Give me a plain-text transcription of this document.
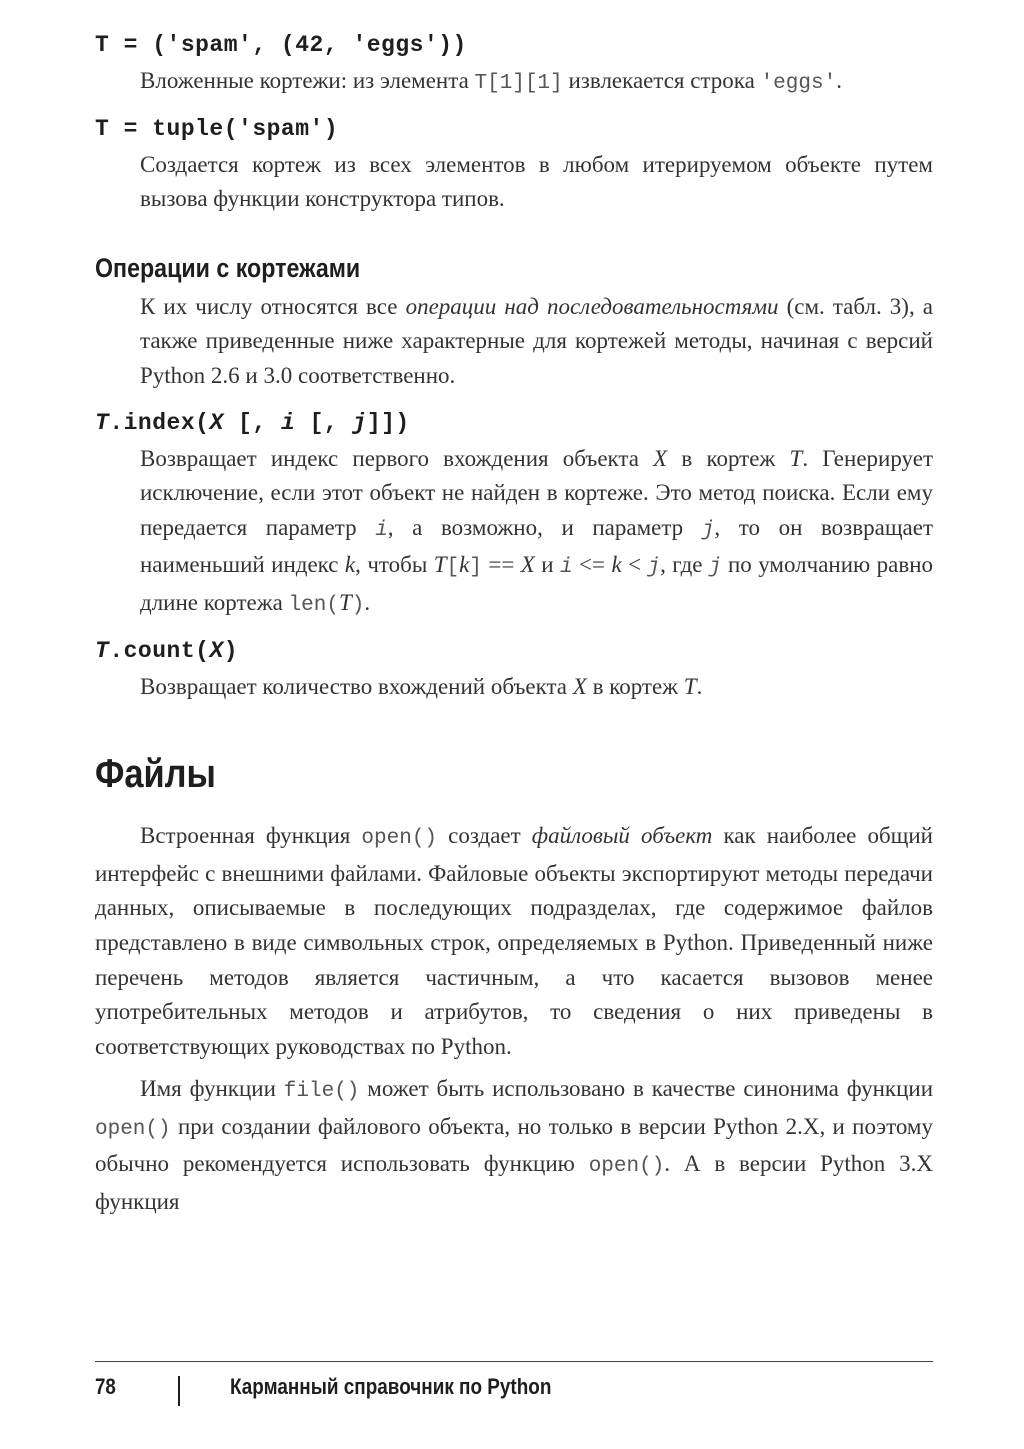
T = ('spam', (42, 'eggs'))

Вложенные кортежи: из элемента T[1][1] извлекается строка 'eggs'.

T = tuple('spam')

Создается кортеж из всех элементов в любом итерируемом объекте путем вызова функции конструктора типов.

Операции с кортежами

К их числу относятся все операции над последовательностями (см. табл. 3), а также приведенные ниже характерные для кортежей методы, начиная с версий Python 2.6 и 3.0 соответственно.

T.index(X [, i [, j]])

Возвращает индекс первого вхождения объекта X в кортеж T. Генерирует исключение, если этот объект не найден в кортеже. Это метод поиска. Если ему передается параметр i, а возможно, и параметр j, то он возвращает наименьший индекс k, чтобы T[k] == X и i <= k < j, где j по умолчанию равно длине кортежа len(T).

T.count(X)

Возвращает количество вхождений объекта X в кортеж T.

Файлы

Встроенная функция open() создает файловый объект как наиболее общий интерфейс с внешними файлами. Файловые объекты экспортируют методы передачи данных, описываемые в последующих подразделах, где содержимое файлов представлено в виде символьных строк, определяемых в Python. Приведенный ниже перечень методов является частичным, а что касается вызовов менее употребительных методов и атрибутов, то сведения о них приведены в соответствующих руководствах по Python.

Имя функции file() может быть использовано в качестве синонима функции open() при создании файлового объекта, но только в версии Python 2.X, и поэтому обычно рекомендуется использовать функцию open(). А в версии Python 3.X функция

78	Карманный справочник по Python
